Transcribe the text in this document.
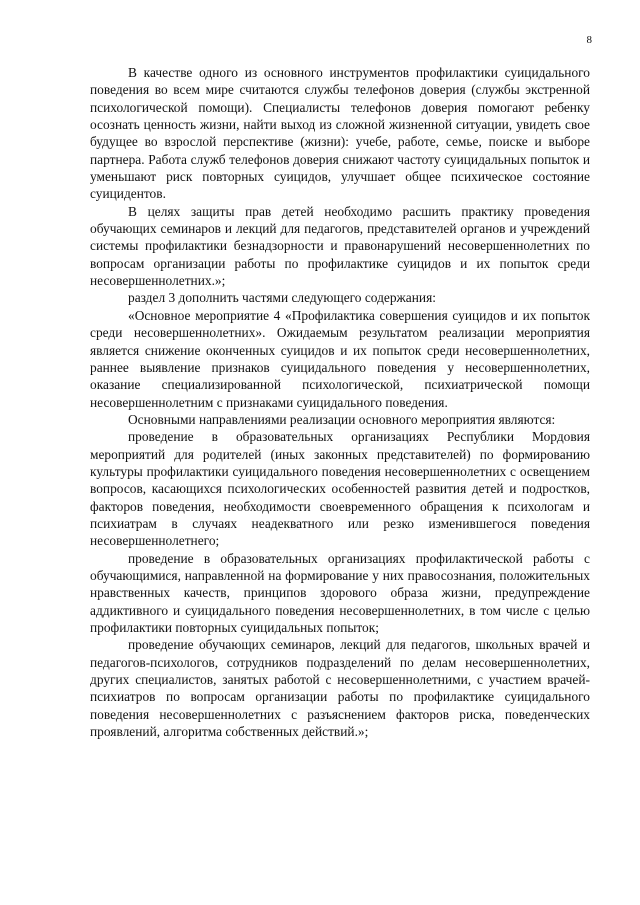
8

В качестве одного из основного инструментов профилактики суицидального поведения во всем мире считаются службы телефонов доверия (службы экстренной психологической помощи). Специалисты телефонов доверия помогают ребенку осознать ценность жизни, найти выход из сложной жизненной ситуации, увидеть свое будущее во взрослой перспективе (жизни): учебе, работе, семье, поиске и выборе партнера. Работа служб телефонов доверия снижают частоту суицидальных попыток и уменьшают риск повторных суицидов, улучшает общее психическое состояние суицидентов.

В целях защиты прав детей необходимо расшить практику проведения обучающих семинаров и лекций для педагогов, представителей органов и учреждений системы профилактики безнадзорности и правонарушений несовершеннолетних по вопросам организации работы по профилактике суицидов и их попыток среди несовершеннолетних.»;

раздел 3 дополнить частями следующего содержания:

«Основное мероприятие 4 «Профилактика совершения суицидов и их попыток среди несовершеннолетних». Ожидаемым результатом реализации мероприятия является снижение оконченных суицидов и их попыток среди несовершеннолетних, раннее выявление признаков суицидального поведения у несовершеннолетних, оказание специализированной психологической, психиатрической помощи несовершеннолетним с признаками суицидального поведения.

Основными направлениями реализации основного мероприятия являются:

проведение в образовательных организациях Республики Мордовия мероприятий для родителей (иных законных представителей) по формированию культуры профилактики суицидального поведения несовершеннолетних с освещением вопросов, касающихся психологических особенностей развития детей и подростков, факторов поведения, необходимости своевременного обращения к психологам и психиатрам в случаях неадекватного или резко изменившегося поведения несовершеннолетнего;

проведение в образовательных организациях профилактической работы с обучающимися, направленной на формирование у них правосознания, положительных нравственных качеств, принципов здорового образа жизни, предупреждение аддиктивного и суицидального поведения несовершеннолетних, в том числе с целью профилактики повторных суицидальных попыток;

проведение обучающих семинаров, лекций для педагогов, школьных врачей и педагогов-психологов, сотрудников подразделений по делам несовершеннолетних, других специалистов, занятых работой с несовершеннолетними, с участием врачей-психиатров по вопросам организации работы по профилактике суицидального поведения несовершеннолетних с разъяснением факторов риска, поведенческих проявлений, алгоритма собственных действий.»;
